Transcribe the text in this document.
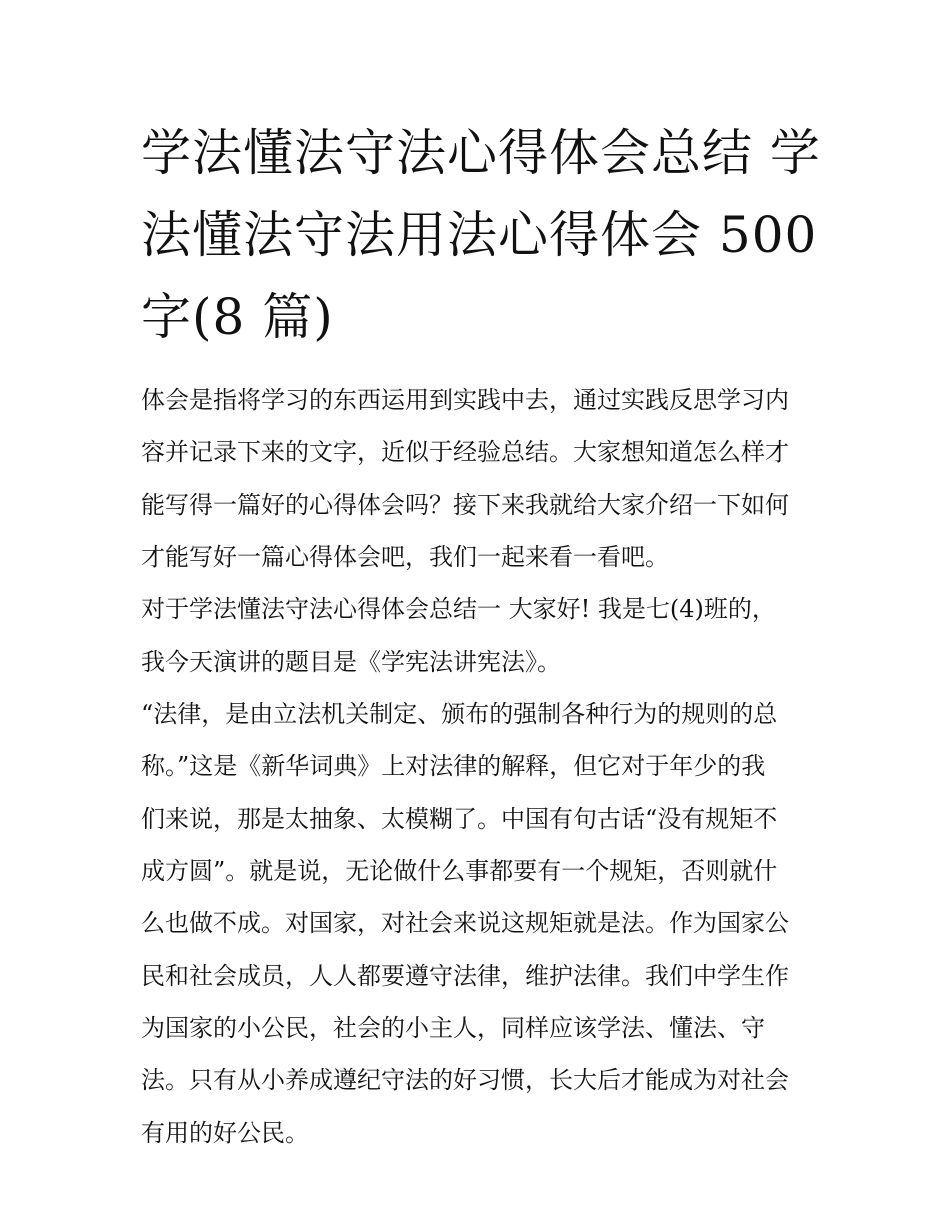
学法懂法守法心得体会总结 学
法懂法守法用法心得体会 500
字(8 篇)
体会是指将学习的东西运用到实践中去，通过实践反思学习内
容并记录下来的文字，近似于经验总结。大家想知道怎么样才
能写得一篇好的心得体会吗？接下来我就给大家介绍一下如何
才能写好一篇心得体会吧，我们一起来看一看吧。
对于学法懂法守法心得体会总结一 大家好! 我是七(4)班的，
我今天演讲的题目是《学宪法讲宪法》。
“法律，是由立法机关制定、颁布的强制各种行为的规则的总
称。”这是《新华词典》上对法律的解释，但它对于年少的我
们来说，那是太抽象、太模糊了。中国有句古话“没有规矩不
成方圆”。就是说，无论做什么事都要有一个规矩，否则就什
么也做不成。对国家，对社会来说这规矩就是法。作为国家公
民和社会成员，人人都要遵守法律，维护法律。我们中学生作
为国家的小公民，社会的小主人，同样应该学法、懂法、守
法。只有从小养成遵纪守法的好习惯，长大后才能成为对社会
有用的好公民。
